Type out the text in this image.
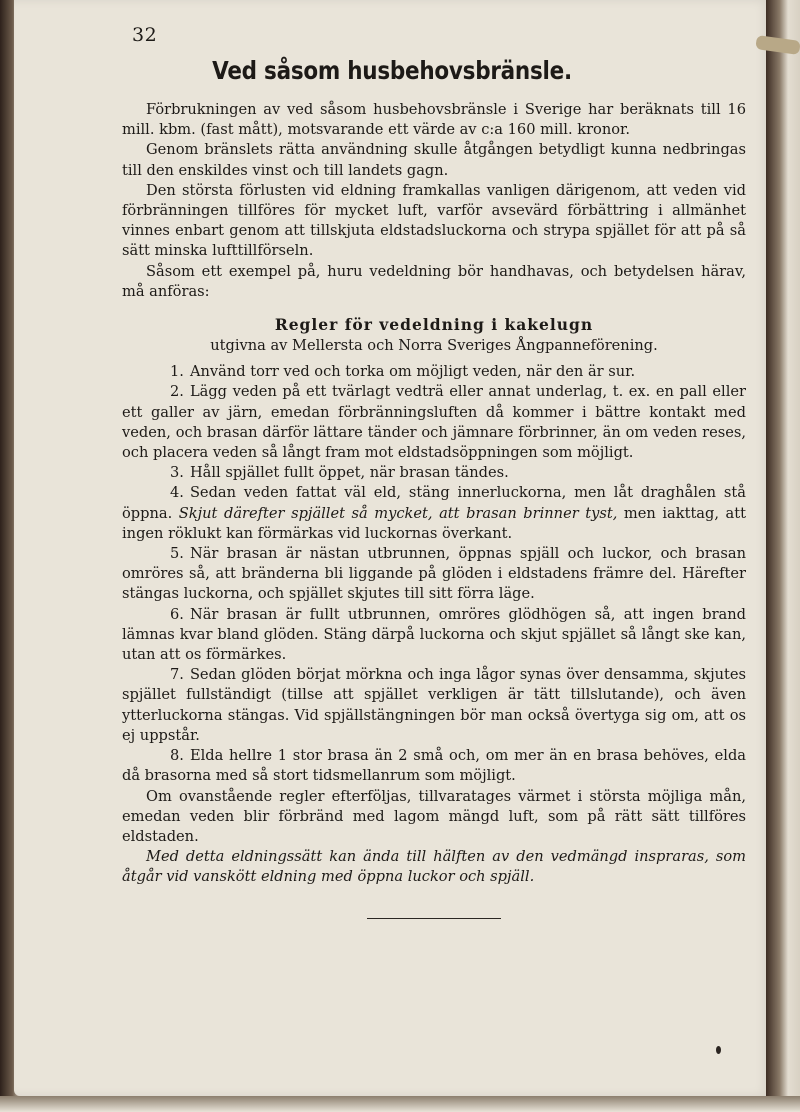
32
Ved såsom husbehovsbränsle.

Förbrukningen av ved såsom husbehovsbränsle i Sverige har beräknats till 16 mill. kbm. (fast mått), motsvarande ett värde av c:a 160 mill. kronor.

Genom bränslets rätta användning skulle åtgången betydligt kunna nedbringas till den enskildes vinst och till landets gagn.

Den största förlusten vid eldning framkallas vanligen därigenom, att veden vid förbränningen tillföres för mycket luft, varför avsevärd förbättring i allmänhet vinnes enbart genom att tillskjuta eldstadsluckorna och strypa spjället för att på så sätt minska lufttillförseln.

Såsom ett exempel på, huru vedeldning bör handhavas, och betydelsen härav, må anföras:

Regler för vedeldning i kakelugn
utgivna av Mellersta och Norra Sveriges Ångpanneförening.

1. Använd torr ved och torka om möjligt veden, när den är sur.

2. Lägg veden på ett tvärlagt vedträ eller annat underlag, t. ex. en pall eller ett galler av järn, emedan förbränningsluften då kommer i bättre kontakt med veden, och brasan därför lättare tänder och jämnare förbrinner, än om veden reses, och placera veden så långt fram mot eldstadsöppningen som möjligt.

3. Håll spjället fullt öppet, när brasan tändes.

4. Sedan veden fattat väl eld, stäng innerluckorna, men låt draghålen stå öppna. Skjut därefter spjället så mycket, att brasan brinner tyst, men iakttag, att ingen röklukt kan förmärkas vid luckornas överkant.

5. När brasan är nästan utbrunnen, öppnas spjäll och luckor, och brasan omröres så, att bränderna bli liggande på glöden i eldstadens främre del. Härefter stängas luckorna, och spjället skjutes till sitt förra läge.

6. När brasan är fullt utbrunnen, omröres glödhögen så, att ingen brand lämnas kvar bland glöden. Stäng därpå luckorna och skjut spjället så långt ske kan, utan att os förmärkes.

7. Sedan glöden börjat mörkna och inga lågor synas över densamma, skjutes spjället fullständigt (tillse att spjället verkligen är tätt tillslutande), och även ytterluckorna stängas. Vid spjällstängningen bör man också övertyga sig om, att os ej uppstår.

8. Elda hellre 1 stor brasa än 2 små och, om mer än en brasa behöves, elda då brasorna med så stort tidsmellanrum som möjligt.

Om ovanstående regler efterföljas, tillvaratages värmet i största möjliga mån, emedan veden blir förbränd med lagom mängd luft, som på rätt sätt tillföres eldstaden.

Med detta eldningssätt kan ända till hälften av den vedmängd inspraras, som åtgår vid vanskött eldning med öppna luckor och spjäll.
